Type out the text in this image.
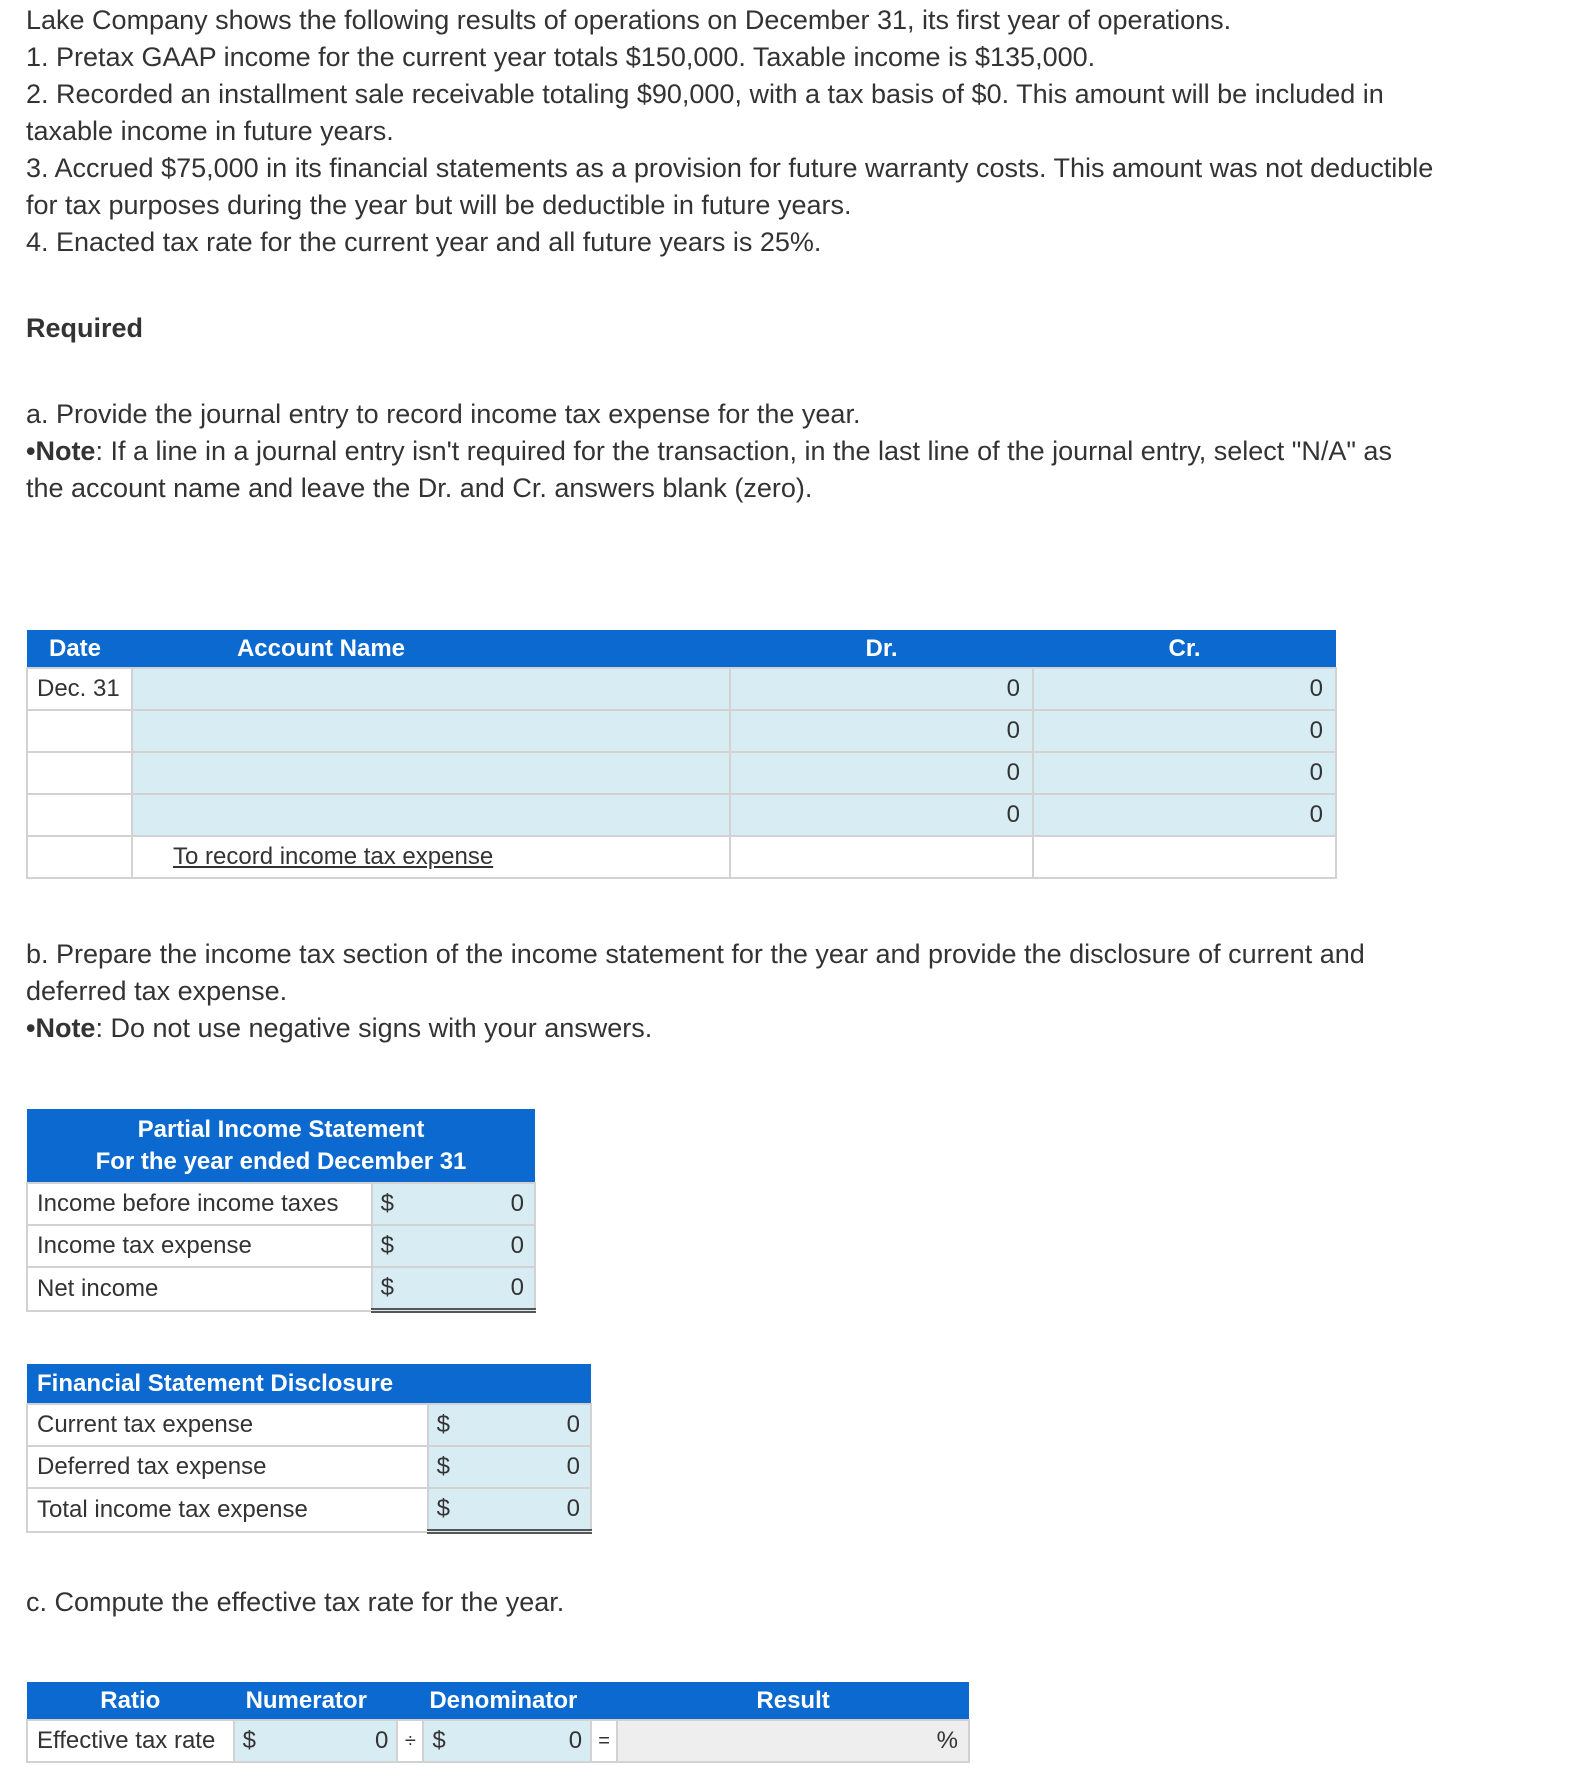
Lake Company shows the following results of operations on December 31, its first year of operations.
1. Pretax GAAP income for the current year totals $150,000. Taxable income is $135,000.
2. Recorded an installment sale receivable totaling $90,000, with a tax basis of $0. This amount will be included in
taxable income in future years.
3. Accrued $75,000 in its financial statements as a provision for future warranty costs. This amount was not deductible
for tax purposes during the year but will be deductible in future years.
4. Enacted tax rate for the current year and all future years is 25%.
Required
a. Provide the journal entry to record income tax expense for the year.
•Note: If a line in a journal entry isn't required for the transaction, in the last line of the journal entry, select "N/A" as
the account name and leave the Dr. and Cr. answers blank (zero).
Date	Account Name	Dr.	Cr.
Dec. 31		0	0
		0	0
		0	0
		0	0
	To record income tax expense		
b. Prepare the income tax section of the income statement for the year and provide the disclosure of current and
deferred tax expense.
•Note: Do not use negative signs with your answers.
Partial Income Statement	
For the year ended December 31	
Income before income taxes	$ 0

Income tax expense	$ 0

Net income	$ 0
Financial Statement Disclosure	
Current tax expense	$ 0

Deferred tax expense	$ 0

Total income tax expense	$ 0
c. Compute the effective tax rate for the year.
Ratio	Numerator		Denominator		Result
Effective tax rate	$ 0	÷	$ 0	=	%
